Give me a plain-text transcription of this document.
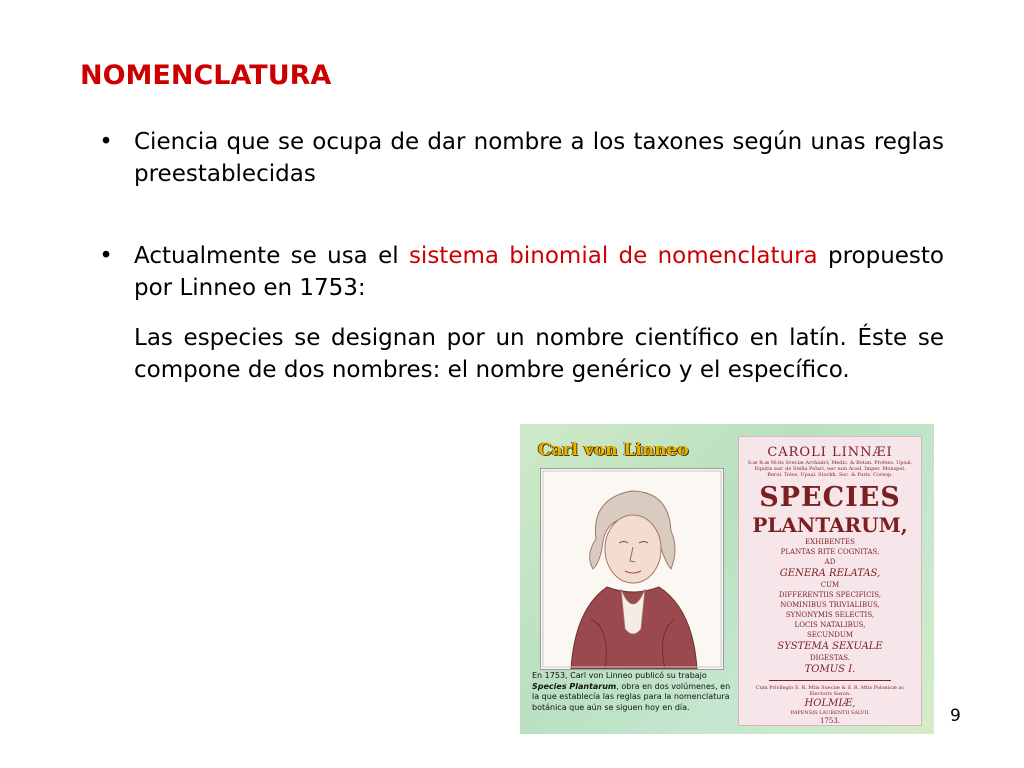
NOMENCLATURA
• Ciencia que se ocupa de dar nombre a los taxones según unas reglas preestablecidas
• Actualmente se usa el sistema binomial de nomenclatura propuesto por Linneo en 1753:
Las especies se designan por un nombre científico en latín. Éste se compone de dos nombres: el nombre genérico y el específico.
Carl von Linneo
En 1753, Carl von Linneo publicó su trabajo Species Plantarum, obra en dos volúmenes, en la que establecía las reglas para la nomenclatura botánica que aún se siguen hoy en día.
CAROLI LINNÆI
S:æ R:æ M:tis Sveciæ Archiatri; Medic. & Botan. Profess. Upsal. Equitis aur. de Stella Polari, nec non Acad. Imper. Monspel. Berol. Tolos. Upsal. Stockh. Soc. & Paris. Coresp.
SPECIES
PLANTARUM,
EXHIBENTES
PLANTAS RITE COGNITAS,
AD
GENERA RELATAS,
CUM
DIFFERENTIIS SPECIFICIS,
NOMINIBUS TRIVIALIBUS,
SYNONYMIS SELECTIS,
LOCIS NATALIBUS,
SECUNDUM
SYSTEMA SEXUALE
DIGESTAS.
TOMUS I.
Cum Privilegio S. R. Mtis Sueciæ & S. R. Mtis Polonicæ ac Electoris Saxon.
HOLMIÆ,
IMPENSIS LAURENTII SALVII.
1753.	9
